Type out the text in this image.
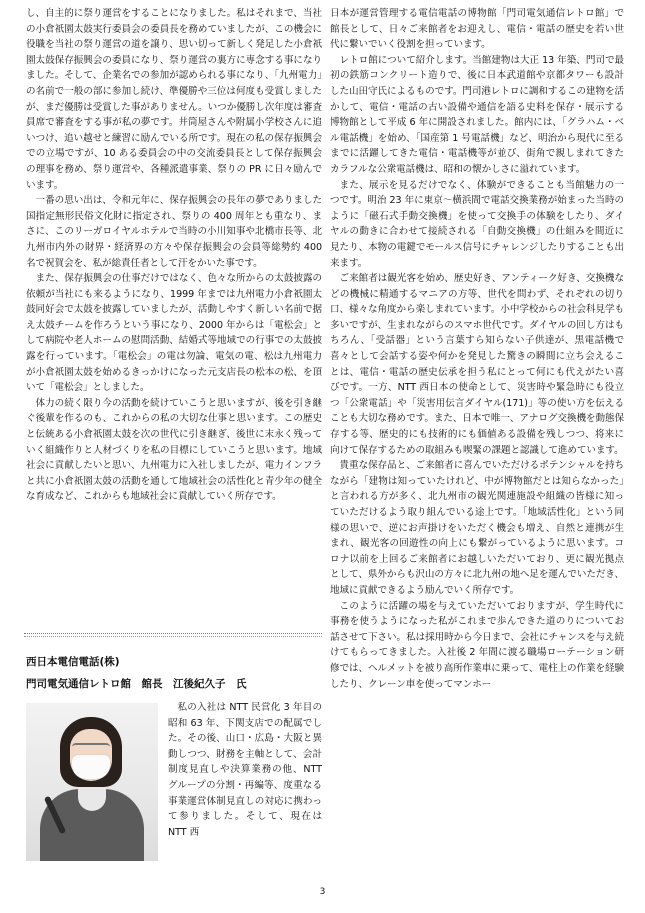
し、自主的に祭り運営をすることになりました。私はそれまで、当社の小倉祇園太鼓実行委員会の委員長を務めていましたが、この機会に役職を当社の祭り運営の道を譲り、思い切って新しく発足した小倉祇園太鼓保存振興会の委員になり、祭り運営の裏方に専念する事になりました。そして、企業名での参加が認められる事になり、「九州電力」の名前で一般の部に参加し続け、準優勝や三位は何度も受賞しましたが、まだ優勝は受賞した事がありません。いつか優勝し次年度は審査員席で審査をする事が私の夢です。井筒屋さんや附属小学校さんに追いつけ、追い越せと練習に励んでいる所です。現在の私の保存振興会での立場ですが、10 ある委員会の中の交流委員長として保存振興会の理事を務め、祭り運営や、各種派遣事業、祭りの PR に日々励んでいます。

一番の思い出は、令和元年に、保存振興会の長年の夢でありました国指定無形民俗文化財に指定され、祭りの 400 周年とも重なり、まさに、このリーガロイヤルホテルで当時の小川知事や北橋市長等、北九州市内外の財界・経済界の方々や保存振興会の会員等総勢約 400 名で祝賀会を、私が総責任者として汗をかいた事です。

また、保存振興会の仕事だけではなく、色々な所からの太鼓披露の依頼が当社にも来るようになり、1999 年までは九州電力小倉祇園太鼓同好会で太鼓を披露していましたが、活動しやすく新しい名前で据え太鼓チームを作ろうという事になり、2000 年からは「電松会」として病院や老人ホームの慰問活動、結婚式等地域での行事での太鼓披露を行っています。「電松会」の電は勿論、電気の電、松は九州電力が小倉祇園太鼓を始めるきっかけになった元支店長の松本の松、を頂いて「電松会」としました。

体力の続く限り今の活動を続けていこうと思いますが、後を引き継ぐ後輩を作るのも、これからの私の大切な仕事と思います。この歴史と伝統ある小倉祇園太鼓を次の世代に引き継ぎ、後世に末永く残っていく組織作りと人材づくりを私の目標にしていこうと思います。地域社会に貢献したいと思い、九州電力に入社しましたが、電力インフラと共に小倉祇園太鼓の活動を通して地域社会の活性化と青少年の健全な育成など、これからも地域社会に貢献していく所存です。

西日本電信電話(株)
門司電気通信レトロ館　館長　江後紀久子　氏

私の入社は NTT 民営化 3 年目の昭和 63 年、下関支店での配属でした。その後、山口・広島・大阪と異動しつつ、財務を主軸として、会計制度見直しや決算業務の他、NTT グループの分割・再編等、度重なる事業運営体制見直しの対応に携わって参りました。そして、現在は NTT 西

日本が運営管理する電信電話の博物館「門司電気通信レトロ館」で館長として、日々ご来館者をお迎えし、電信・電話の歴史を若い世代に繋いでいく役割を担っています。

レトロ館について紹介します。当館建物は大正 13 年築、門司で最初の鉄筋コンクリート造りで、後に日本武道館や京都タワーも設計した山田守氏によるものです。門司港レトロに調和するこの建物を活かして、電信・電話の古い設備や通信を語る史料を保存・展示する博物館として平成 6 年に開設されました。館内には、「グラハム・ベル電話機」を始め、「国産第 1 号電話機」など、明治から現代に至るまでに活躍してきた電信・電話機等が並び、街角で親しまれてきたカラフルな公衆電話機は、昭和の懐かしさに溢れています。

また、展示を見るだけでなく、体験ができることも当館魅力の一つです。明治 23 年に東京～横浜間で電話交換業務が始まった当時のように「磁石式手動交換機」を使って交換手の体験をしたり、ダイヤルの動きに合わせて接続される「自動交換機」の仕組みを間近に見たり、本物の電鍵でモールス信号にチャレンジしたりすることも出来ます。

ご来館者は観光客を始め、歴史好き、アンティーク好き、交換機などの機械に精通するマニアの方等、世代を問わず、それぞれの切り口、様々な角度から楽しまれています。小中学校からの社会科見学も多いですが、生まれながらのスマホ世代です。ダイヤルの回し方はもちろん、「受話器」という言葉すら知らない子供達が、黒電話機で喜々として会話する姿や何かを発見した驚きの瞬間に立ち会えることは、電信・電話の歴史伝承を担う私にとって何にも代えがたい喜びです。一方、NTT 西日本の使命として、災害時や緊急時にも役立つ「公衆電話」や「災害用伝言ダイヤル(171)」等の使い方を伝えることも大切な務めです。また、日本で唯一、アナログ交換機を動態保存する等、歴史的にも技術的にも価値ある設備を残しつつ、将来に向けて保存するための取組みも喫緊の課題と認識して進めています。

貴重な保存品と、ご来館者に喜んでいただけるポテンシャルを持ちながら「建物は知っていたけれど、中が博物館だとは知らなかった」と言われる方が多く、北九州市の観光関連施設や組織の皆様に知っていただけるよう取り組んでいる途上です。「地域活性化」という同様の思いで、逆にお声掛けをいただく機会も増え、自然と連携が生まれ、観光客の回遊性の向上にも繋がっているように思います。コロナ以前を上回るご来館者にお越しいただいており、更に観光拠点として、県外からも沢山の方々に北九州の地へ足を運んでいただき、地域に貢献できるよう励んでいく所存です。

このように活躍の場を与えていただいておりますが、学生時代に事務を使うようになった私がこれまで歩んできた道のりについてお話させて下さい。私は採用時から今日まで、会社にチャンスを与え続けてもらってきました。入社後 2 年間に渡る職場ローテーション研修では、ヘルメットを被り高所作業車に乗って、電柱上の作業を経験したり、クレーン車を使ってマンホー

3
